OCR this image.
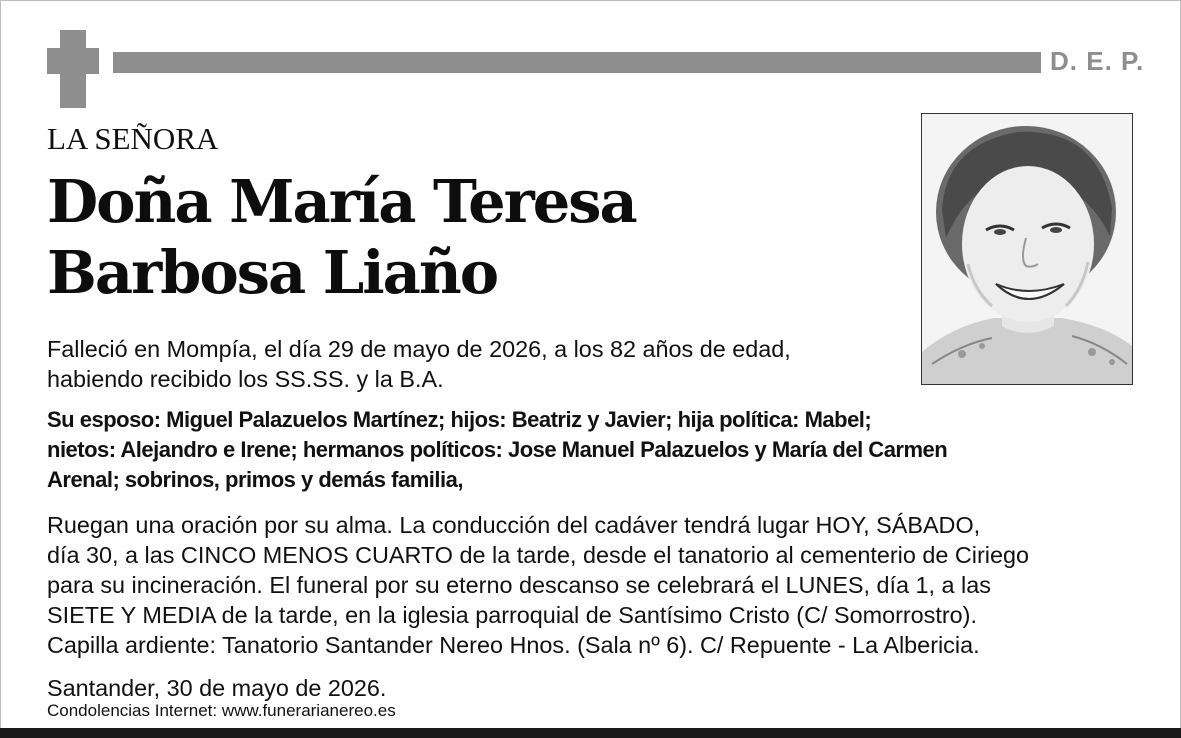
D. E. P.
LA SEÑORA
Doña María Teresa
Barbosa Liaño
Falleció en Mompía, el día 29 de mayo de 2026, a los 82 años de edad,
habiendo recibido los SS.SS. y la B.A.
Su esposo: Miguel Palazuelos Martínez; hijos: Beatriz y Javier; hija política: Mabel;
nietos: Alejandro e Irene; hermanos políticos: Jose Manuel Palazuelos y María del Carmen
Arenal; sobrinos, primos y demás familia,
Ruegan una oración por su alma. La conducción del cadáver tendrá lugar HOY, SÁBADO,
día 30, a las CINCO MENOS CUARTO de la tarde, desde el tanatorio al cementerio de Ciriego
para su incineración. El funeral por su eterno descanso se celebrará el LUNES, día 1, a las
SIETE Y MEDIA de la tarde, en la iglesia parroquial de Santísimo Cristo (C/ Somorrostro).
Capilla ardiente: Tanatorio Santander Nereo Hnos. (Sala nº 6). C/ Repuente - La Albericia.
Santander, 30 de mayo de 2026.
Condolencias Internet: www.funerarianereo.es
